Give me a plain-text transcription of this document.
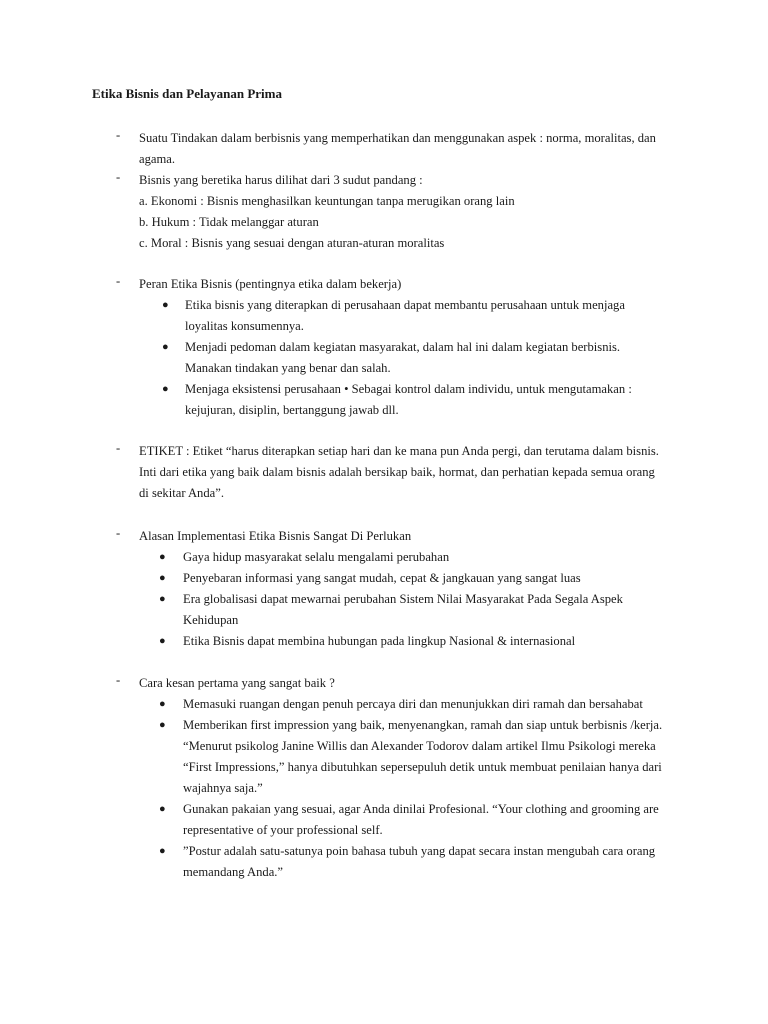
Etika Bisnis dan Pelayanan Prima
- Suatu Tindakan dalam berbisnis yang memperhatikan dan menggunakan aspek : norma, moralitas, dan
agama.
- Bisnis yang beretika harus dilihat dari 3 sudut pandang :
a. Ekonomi : Bisnis menghasilkan keuntungan tanpa merugikan orang lain
b. Hukum : Tidak melanggar aturan
c. Moral : Bisnis yang sesuai dengan aturan-aturan moralitas
- Peran Etika Bisnis (pentingnya etika dalam bekerja)
● Etika bisnis yang diterapkan di perusahaan dapat membantu perusahaan untuk menjaga
loyalitas konsumennya.
● Menjadi pedoman dalam kegiatan masyarakat, dalam hal ini dalam kegiatan berbisnis.
Manakan tindakan yang benar dan salah.
● Menjaga eksistensi perusahaan • Sebagai kontrol dalam individu, untuk mengutamakan :
kejujuran, disiplin, bertanggung jawab dll.
- ETIKET : Etiket “harus diterapkan setiap hari dan ke mana pun Anda pergi, dan terutama dalam bisnis.
Inti dari etika yang baik dalam bisnis adalah bersikap baik, hormat, dan perhatian kepada semua orang
di sekitar Anda”.
- Alasan Implementasi Etika Bisnis Sangat Di Perlukan
● Gaya hidup masyarakat selalu mengalami perubahan
● Penyebaran informasi yang sangat mudah, cepat & jangkauan yang sangat luas
● Era globalisasi dapat mewarnai perubahan Sistem Nilai Masyarakat Pada Segala Aspek
Kehidupan
● Etika Bisnis dapat membina hubungan pada lingkup Nasional & internasional
- Cara kesan pertama yang sangat baik ?
● Memasuki ruangan dengan penuh percaya diri dan menunjukkan diri ramah dan bersahabat
● Memberikan first impression yang baik, menyenangkan, ramah dan siap untuk berbisnis /kerja.
“Menurut psikolog Janine Willis dan Alexander Todorov dalam artikel Ilmu Psikologi mereka
“First Impressions,” hanya dibutuhkan sepersepuluh detik untuk membuat penilaian hanya dari
wajahnya saja.”
● Gunakan pakaian yang sesuai, agar Anda dinilai Profesional. “Your clothing and grooming are
representative of your professional self.
● ”Postur adalah satu-satunya poin bahasa tubuh yang dapat secara instan mengubah cara orang
memandang Anda.”
